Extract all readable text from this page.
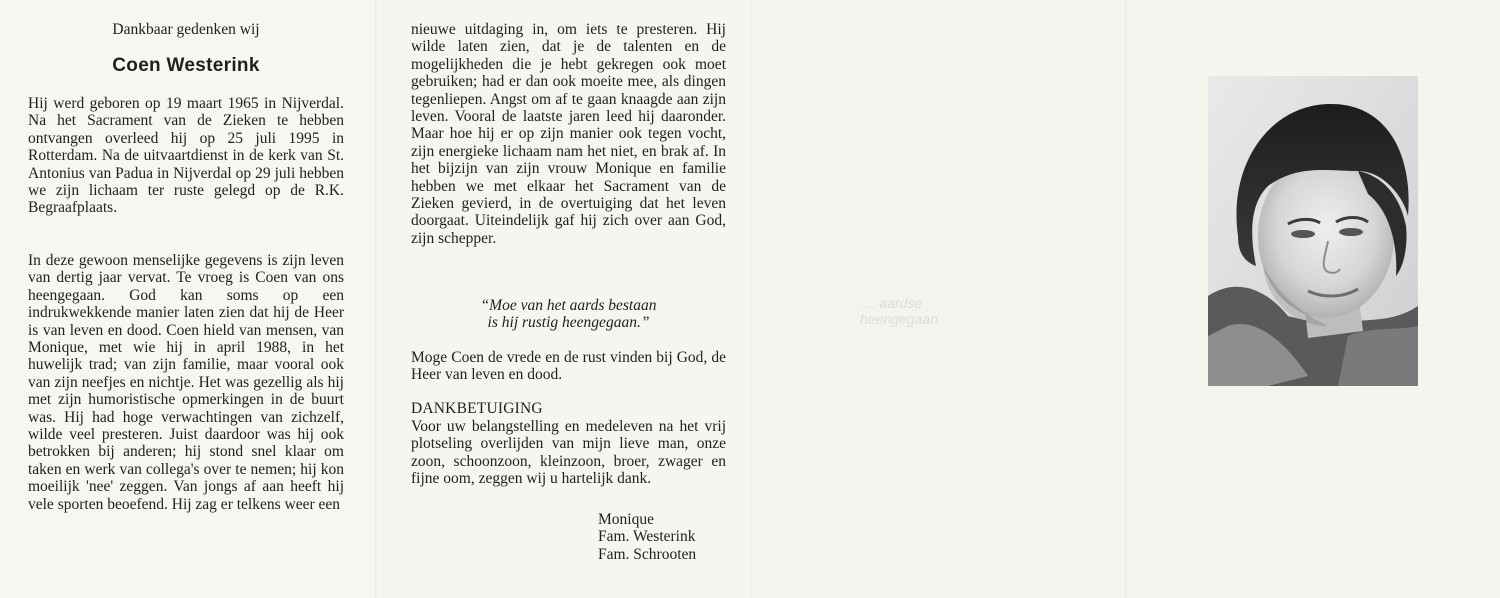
Dankbaar gedenken wij
Coen Westerink
Hij werd geboren op 19 maart 1965 in Nijverdal. Na het Sacrament van de Zieken te hebben ontvangen overleed hij op 25 juli 1995 in Rotterdam. Na de uitvaartdienst in de kerk van St. Antonius van Padua in Nijverdal op 29 juli hebben we zijn lichaam ter ruste gelegd op de R.K. Begraafplaats.
In deze gewoon menselijke gegevens is zijn leven van dertig jaar vervat. Te vroeg is Coen van ons heengegaan. God kan soms op een indrukwekkende manier laten zien dat hij de Heer is van leven en dood. Coen hield van mensen, van Monique, met wie hij in april 1988, in het huwelijk trad; van zijn familie, maar vooral ook van zijn neefjes en nichtje. Het was gezellig als hij met zijn humoristische opmerkingen in de buurt was. Hij had hoge verwachtingen van zichzelf, wilde veel presteren. Juist daardoor was hij ook betrokken bij anderen; hij stond snel klaar om taken en werk van collega's over te nemen; hij kon moeilijk 'nee' zeggen. Van jongs af aan heeft hij vele sporten beoefend. Hij zag er telkens weer een
nieuwe uitdaging in, om iets te presteren. Hij wilde laten zien, dat je de talenten en de mogelijkheden die je hebt gekregen ook moet gebruiken; had er dan ook moeite mee, als dingen tegenliepen. Angst om af te gaan knaagde aan zijn leven. Vooral de laatste jaren leed hij daaronder. Maar hoe hij er op zijn manier ook tegen vocht, zijn energieke lichaam nam het niet, en brak af. In het bijzijn van zijn vrouw Monique en familie hebben we met elkaar het Sacrament van de Zieken gevierd, in de overtuiging dat het leven doorgaat. Uiteindelijk gaf hij zich over aan God, zijn schepper.
“Moe van het aards bestaan
is hij rustig heengegaan.”
Moge Coen de vrede en de rust vinden bij God, de Heer van leven en dood.
DANKBETUIGING
Voor uw belangstelling en medeleven na het vrij plotseling overlijden van mijn lieve man, onze zoon, schoonzoon, kleinzoon, broer, zwager en fijne oom, zeggen wij u hartelijk dank.
Monique
Fam. Westerink
Fam. Schrooten
.... aardse
heengegaan
